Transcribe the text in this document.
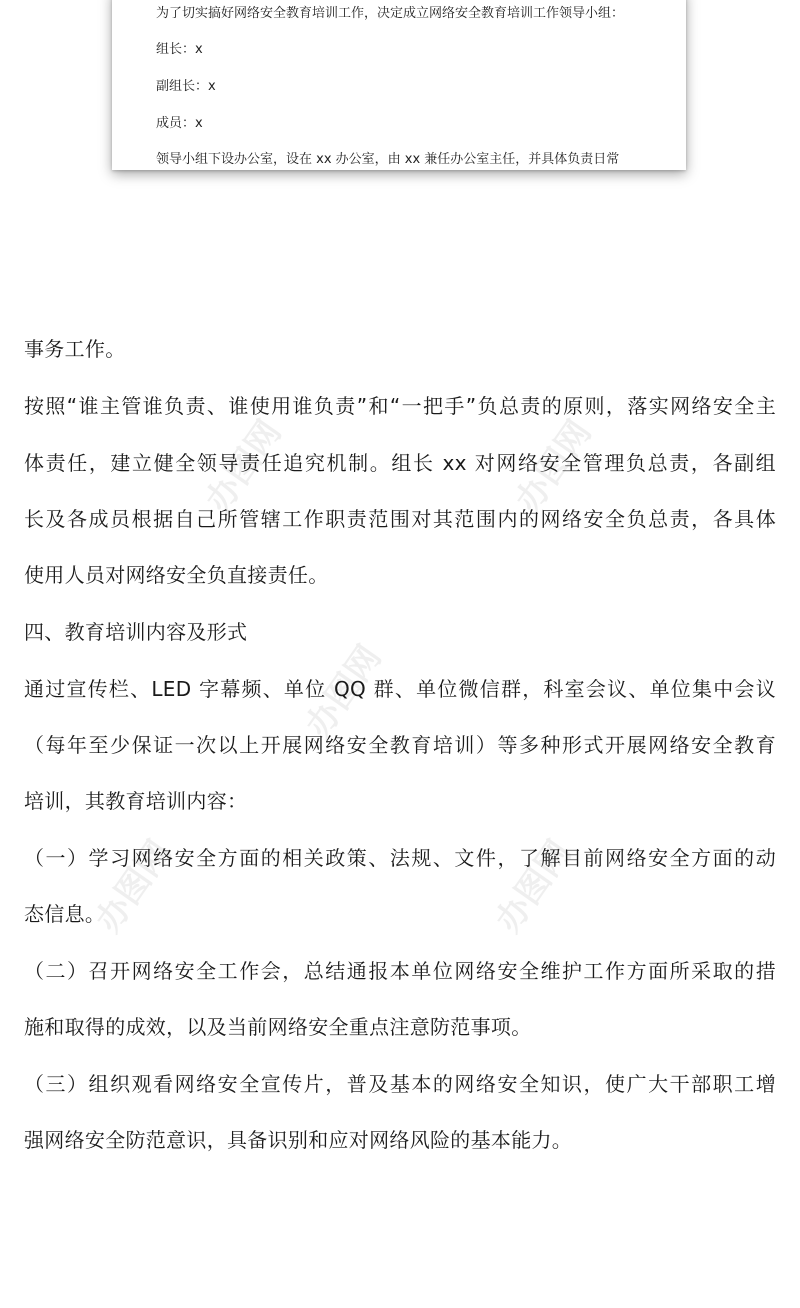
为了切实搞好网络安全教育培训工作，决定成立网络安全教育培训工作领导小组：
组长：x
副组长：x
成员：x
领导小组下设办公室，设在 xx 办公室，由 xx 兼任办公室主任，并具体负责日常
办图网	办图网
办图网
办图网	办图网
事务工作。
按照“谁主管谁负责、谁使用谁负责”和“一把手”负总责的原则，落实网络安全主
体责任，建立健全领导责任追究机制。组长 xx 对网络安全管理负总责，各副组
长及各成员根据自己所管辖工作职责范围对其范围内的网络安全负总责，各具体
使用人员对网络安全负直接责任。
四、教育培训内容及形式
通过宣传栏、LED 字幕频、单位 QQ 群、单位微信群，科室会议、单位集中会议
（每年至少保证一次以上开展网络安全教育培训）等多种形式开展网络安全教育
培训，其教育培训内容：
（一）学习网络安全方面的相关政策、法规、文件，了解目前网络安全方面的动
态信息。
（二）召开网络安全工作会，总结通报本单位网络安全维护工作方面所采取的措
施和取得的成效，以及当前网络安全重点注意防范事项。
（三）组织观看网络安全宣传片，普及基本的网络安全知识，使广大干部职工增
强网络安全防范意识，具备识别和应对网络风险的基本能力。
